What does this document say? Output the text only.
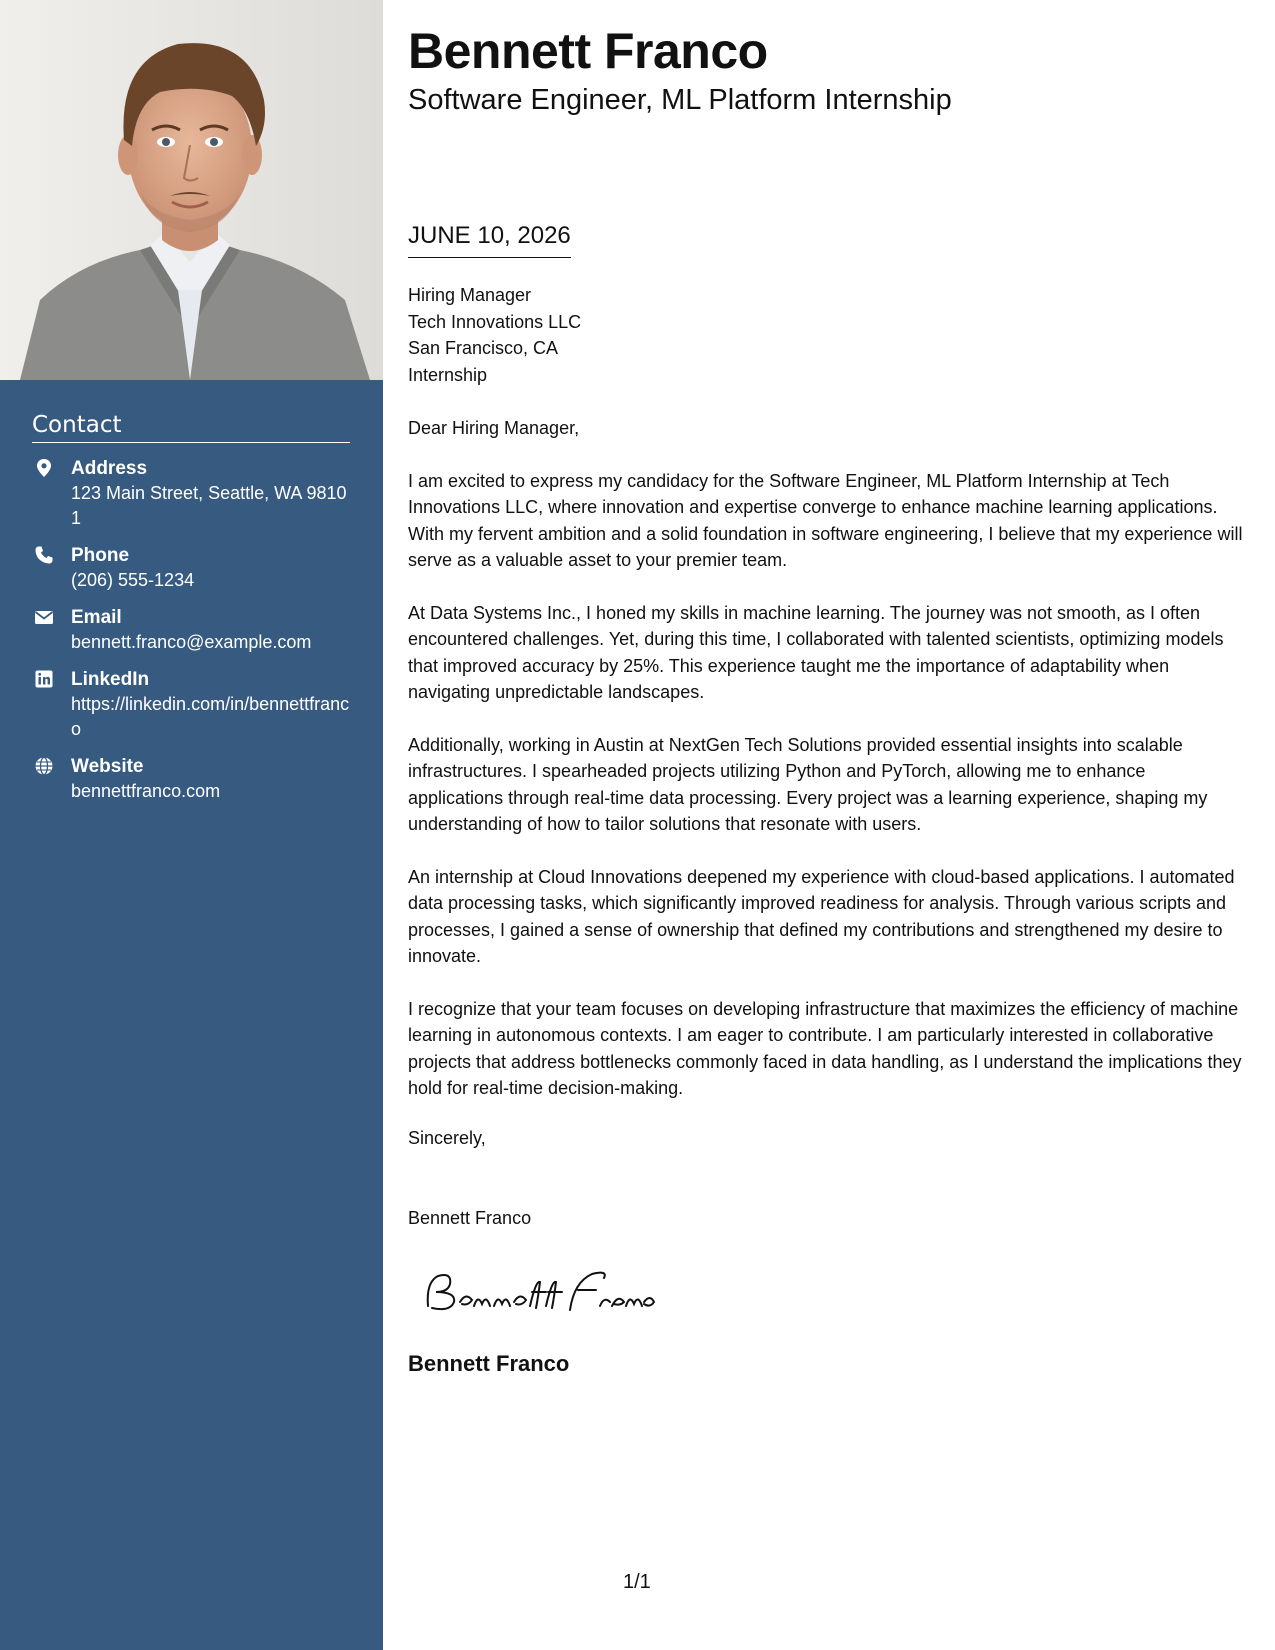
Contact
Address
123 Main Street, Seattle, WA 98101
Phone
(206) 555-1234
Email
bennett.franco@example.com
LinkedIn
https://linkedin.com/in/bennettfranco
Website
bennettfranco.com
Bennett Franco
Software Engineer, ML Platform Internship
JUNE 10, 2026
Hiring Manager
Tech Innovations LLC
San Francisco, CA
Internship
Dear Hiring Manager,

I am excited to express my candidacy for the Software Engineer, ML Platform Internship at Tech Innovations LLC, where innovation and expertise converge to enhance machine learning applications. With my fervent ambition and a solid foundation in software engineering, I believe that my experience will serve as a valuable asset to your premier team.

At Data Systems Inc., I honed my skills in machine learning. The journey was not smooth, as I often encountered challenges. Yet, during this time, I collaborated with talented scientists, optimizing models that improved accuracy by 25%. This experience taught me the importance of adaptability when navigating unpredictable landscapes.

Additionally, working in Austin at NextGen Tech Solutions provided essential insights into scalable infrastructures. I spearheaded projects utilizing Python and PyTorch, allowing me to enhance applications through real-time data processing. Every project was a learning experience, shaping my understanding of how to tailor solutions that resonate with users.

An internship at Cloud Innovations deepened my experience with cloud-based applications. I automated data processing tasks, which significantly improved readiness for analysis. Through various scripts and processes, I gained a sense of ownership that defined my contributions and strengthened my desire to innovate.

I recognize that your team focuses on developing infrastructure that maximizes the efficiency of machine learning in autonomous contexts. I am eager to contribute. I am particularly interested in collaborative projects that address bottlenecks commonly faced in data handling, as I understand the implications they hold for real-time decision-making.

Sincerely,
Bennett Franco
Bennett Franco
1/1
